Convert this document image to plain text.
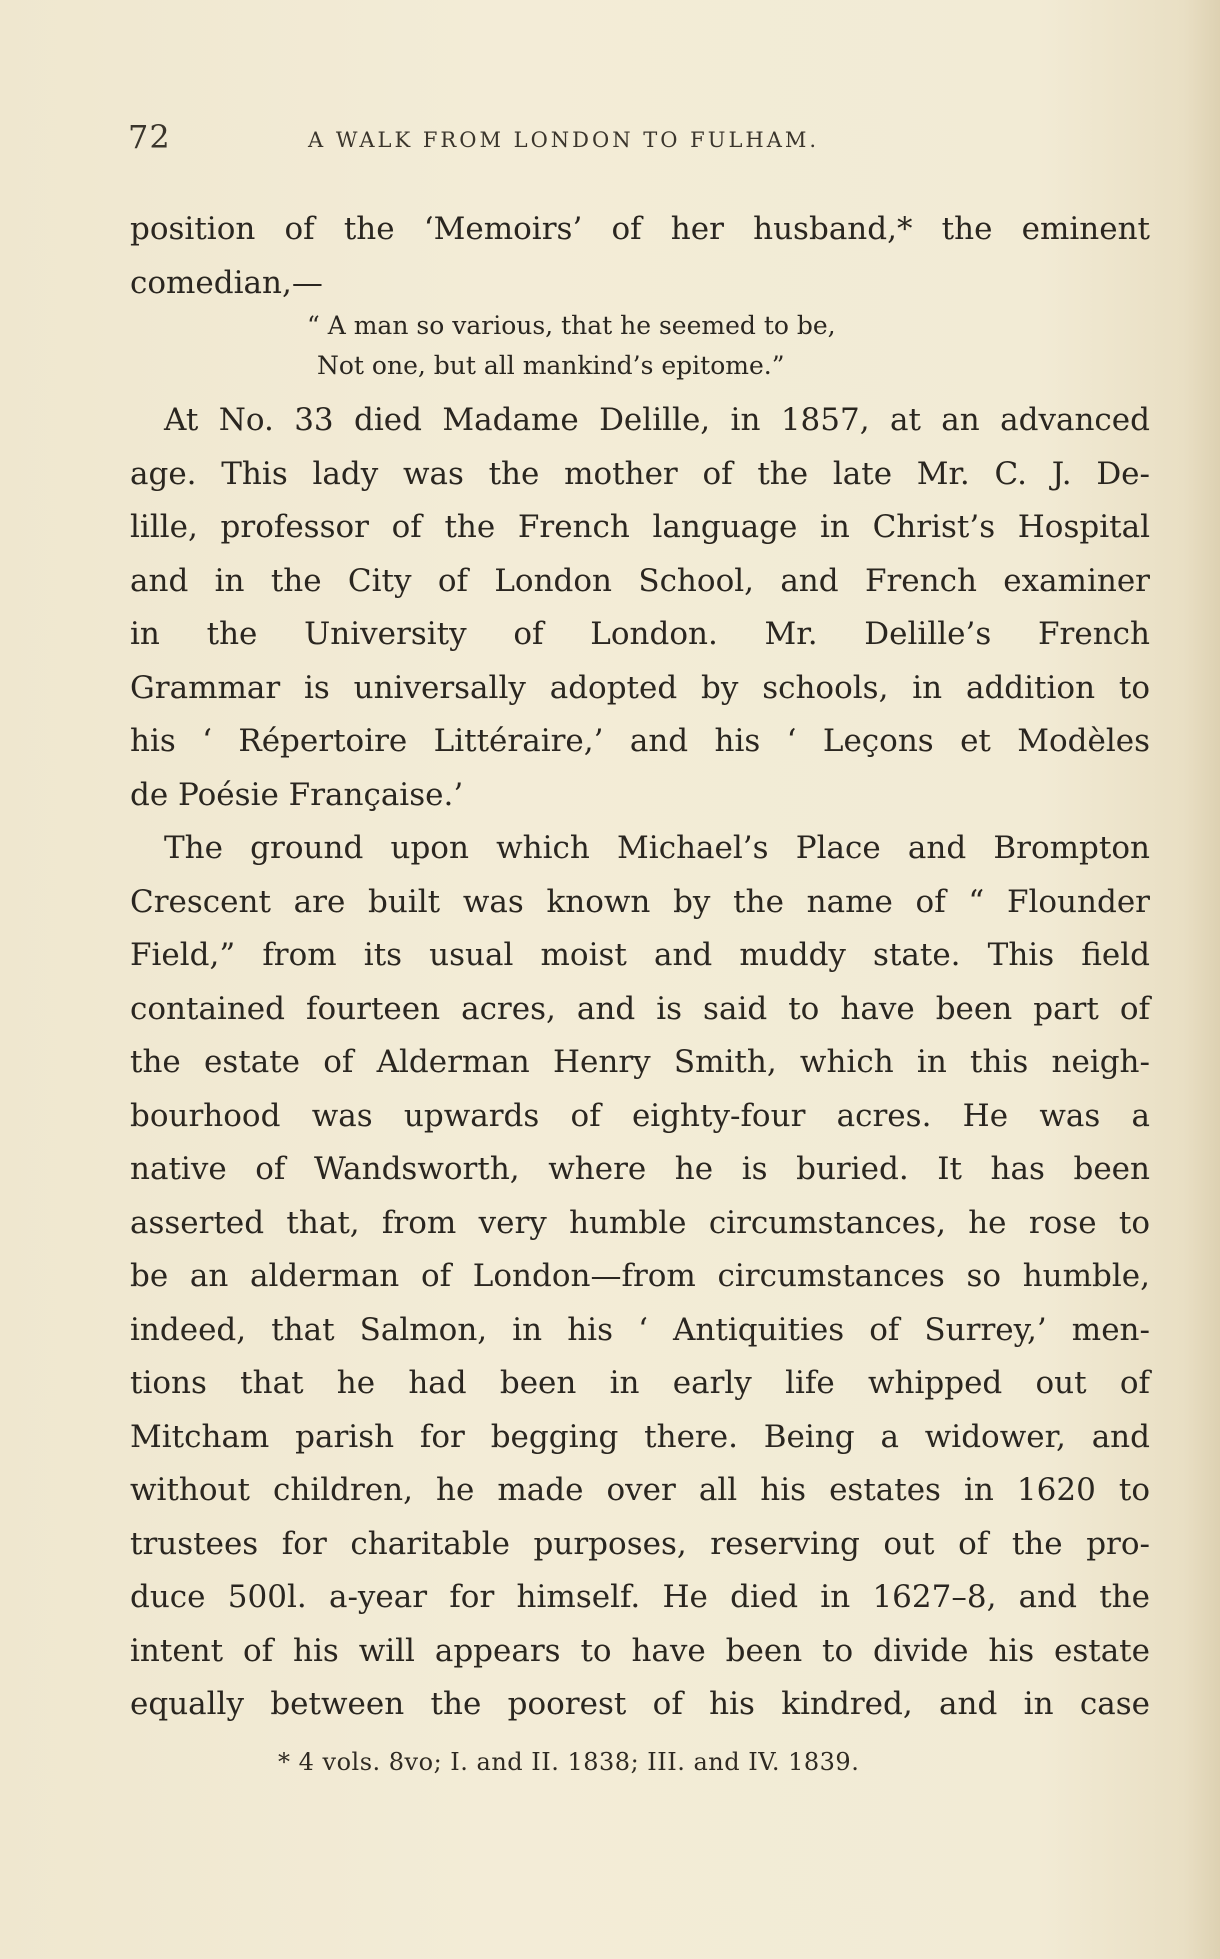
72	A WALK FROM LONDON TO FULHAM.
position of the ‘Memoirs’ of her husband,* the eminent
comedian,—
“ A man so various, that he seemed to be,
Not one, but all mankind’s epitome.”
At No. 33 died Madame Delille, in 1857, at an advanced
age. This lady was the mother of the late Mr. C. J. De-
lille, professor of the French language in Christ’s Hospital
and in the City of London School, and French examiner
in the University of London. Mr. Delille’s French
Grammar is universally adopted by schools, in addition to
his ‘ Répertoire Littéraire,’ and his ‘ Leçons et Modèles
de Poésie Française.’
The ground upon which Michael’s Place and Brompton
Crescent are built was known by the name of “ Flounder
Field,” from its usual moist and muddy state. This field
contained fourteen acres, and is said to have been part of
the estate of Alderman Henry Smith, which in this neigh-
bourhood was upwards of eighty-four acres. He was a
native of Wandsworth, where he is buried. It has been
asserted that, from very humble circumstances, he rose to
be an alderman of London—from circumstances so humble,
indeed, that Salmon, in his ‘ Antiquities of Surrey,’ men-
tions that he had been in early life whipped out of
Mitcham parish for begging there. Being a widower, and
without children, he made over all his estates in 1620 to
trustees for charitable purposes, reserving out of the pro-
duce 500l. a-year for himself. He died in 1627–8, and the
intent of his will appears to have been to divide his estate
equally between the poorest of his kindred, and in case
* 4 vols. 8vo; I. and II. 1838; III. and IV. 1839.
